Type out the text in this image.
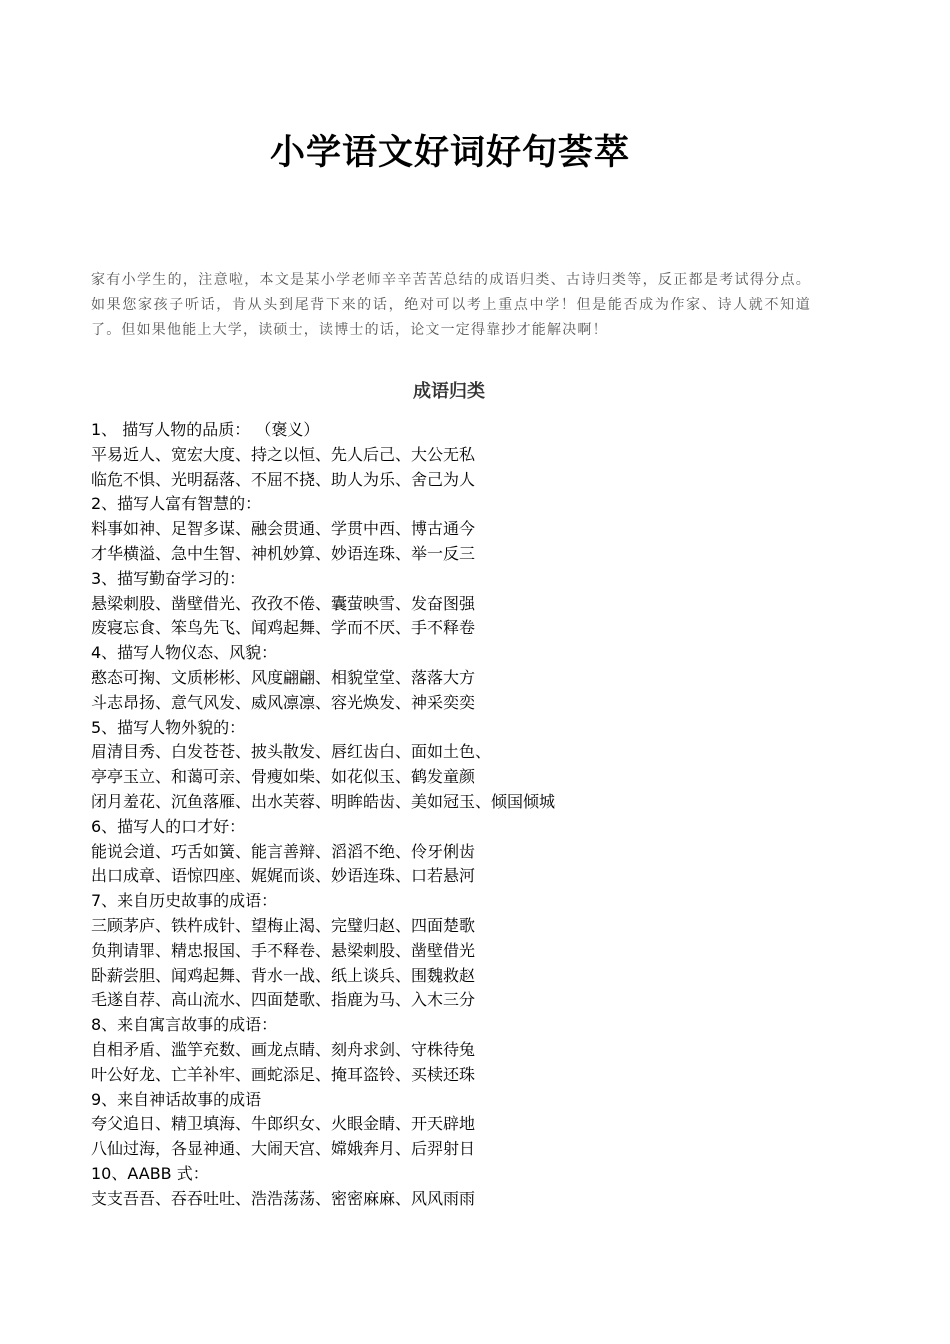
小学语文好词好句荟萃

家有小学生的，注意啦，本文是某小学老师辛辛苦苦总结的成语归类、古诗归类等，反正都是考试得分点。如果您家孩子听话，肯从头到尾背下来的话，绝对可以考上重点中学！但是能否成为作家、诗人就不知道了。但如果他能上大学，读硕士，读博士的话，论文一定得靠抄才能解决啊！

成语归类
1、 描写人物的品质： （褒义）
平易近人、宽宏大度、持之以恒、先人后己、大公无私
临危不惧、光明磊落、不屈不挠、助人为乐、舍己为人
2、描写人富有智慧的：
料事如神、足智多谋、融会贯通、学贯中西、博古通今
才华横溢、急中生智、神机妙算、妙语连珠、举一反三
3、描写勤奋学习的：
悬梁刺股、凿壁借光、孜孜不倦、囊萤映雪、发奋图强
废寝忘食、笨鸟先飞、闻鸡起舞、学而不厌、手不释卷
4、描写人物仪态、风貌：
憨态可掬、文质彬彬、风度翩翩、相貌堂堂、落落大方
斗志昂扬、意气风发、威风凛凛、容光焕发、神采奕奕
5、描写人物外貌的：
眉清目秀、白发苍苍、披头散发、唇红齿白、面如土色、
亭亭玉立、和蔼可亲、骨瘦如柴、如花似玉、鹤发童颜
闭月羞花、沉鱼落雁、出水芙蓉、明眸皓齿、美如冠玉、倾国倾城
6、描写人的口才好：
能说会道、巧舌如簧、能言善辩、滔滔不绝、伶牙俐齿
出口成章、语惊四座、娓娓而谈、妙语连珠、口若悬河
7、来自历史故事的成语：
三顾茅庐、铁杵成针、望梅止渴、完璧归赵、四面楚歌
负荆请罪、精忠报国、手不释卷、悬梁刺股、凿壁借光
卧薪尝胆、闻鸡起舞、背水一战、纸上谈兵、围魏救赵
毛遂自荐、高山流水、四面楚歌、指鹿为马、入木三分
8、来自寓言故事的成语：
自相矛盾、滥竽充数、画龙点睛、刻舟求剑、守株待兔
叶公好龙、亡羊补牢、画蛇添足、掩耳盗铃、买椟还珠
9、来自神话故事的成语
夸父追日、精卫填海、牛郎织女、火眼金睛、开天辟地
八仙过海，各显神通、大闹天宫、嫦娥奔月、后羿射日
10、AABB 式：
支支吾吾、吞吞吐吐、浩浩荡荡、密密麻麻、风风雨雨
